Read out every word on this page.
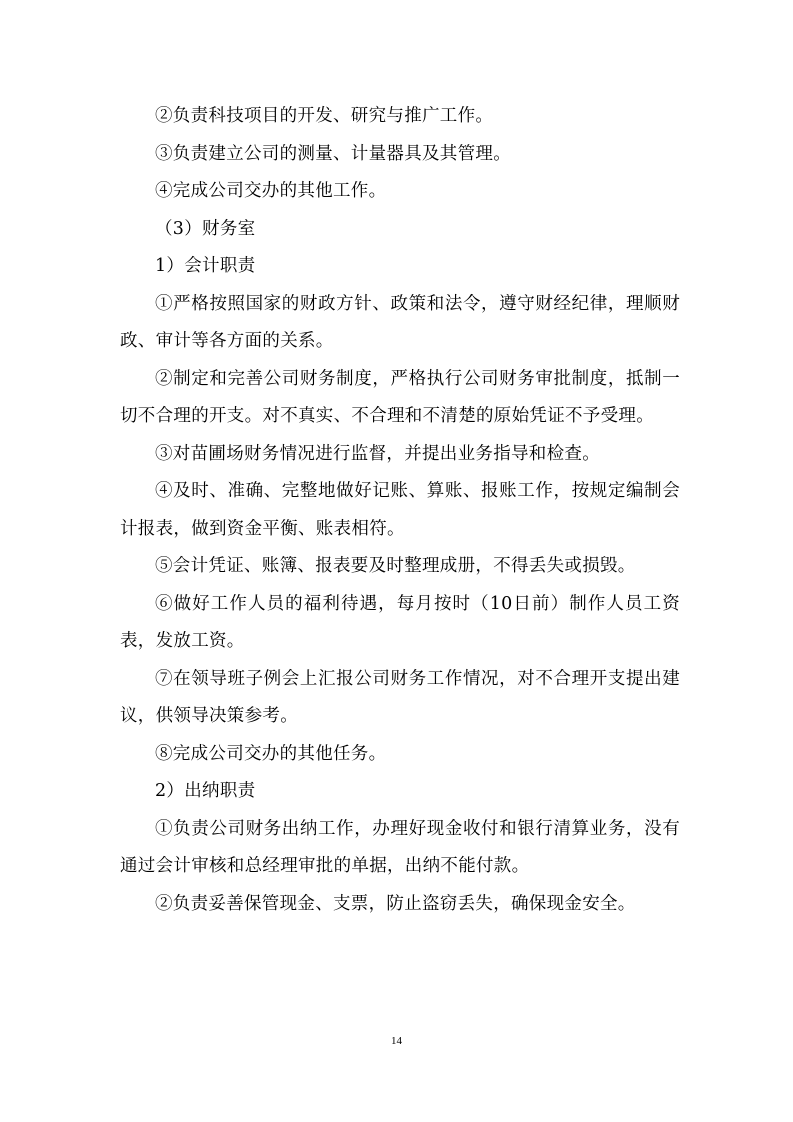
②负责科技项目的开发、研究与推广工作。

③负责建立公司的测量、计量器具及其管理。

④完成公司交办的其他工作。

（3）财务室

1）会计职责

①严格按照国家的财政方针、政策和法令，遵守财经纪律，理顺财政、审计等各方面的关系。

②制定和完善公司财务制度，严格执行公司财务审批制度，抵制一切不合理的开支。对不真实、不合理和不清楚的原始凭证不予受理。

③对苗圃场财务情况进行监督，并提出业务指导和检查。

④及时、准确、完整地做好记账、算账、报账工作，按规定编制会计报表，做到资金平衡、账表相符。

⑤会计凭证、账簿、报表要及时整理成册，不得丢失或损毁。

⑥做好工作人员的福利待遇，每月按时（10日前）制作人员工资表，发放工资。

⑦在领导班子例会上汇报公司财务工作情况，对不合理开支提出建议，供领导决策参考。

⑧完成公司交办的其他任务。

2）出纳职责

①负责公司财务出纳工作，办理好现金收付和银行清算业务，没有通过会计审核和总经理审批的单据，出纳不能付款。

②负责妥善保管现金、支票，防止盗窃丢失，确保现金安全。

14
